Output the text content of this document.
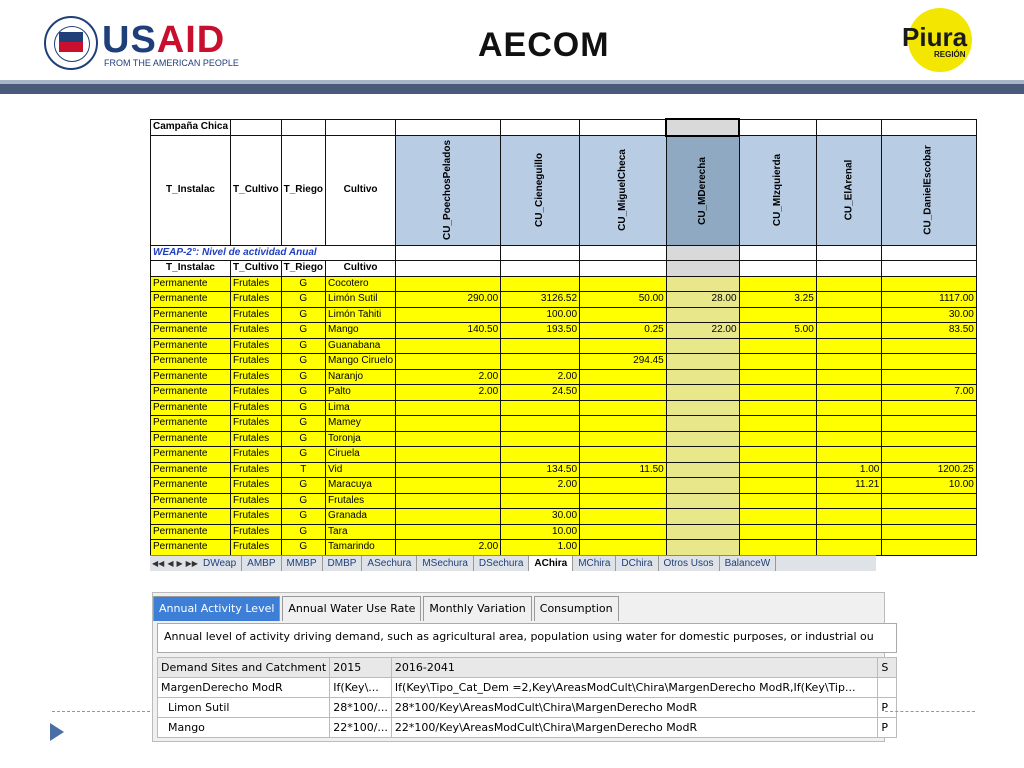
USAID
FROM THE AMERICAN PEOPLE	AECOM	Piura
REGIÓN
Campaña Chica										
T_Instalac	T_Cultivo	T_Riego	Cultivo	CU_PoechosPelados	CU_Cieneguillo	CU_MiguelCheca	CU_MDerecha	CU_MIzquierda	CU_ElArenal	CU_DanielEscobar
WEAP-2°: Nivel de actividad Anual										
T_Instalac	T_Cultivo	T_Riego	Cultivo							
Permanente	Frutales	G	Cocotero							
Permanente	Frutales	G	Limón Sutil	290.00	3126.52	50.00	28.00	3.25		1117.00
Permanente	Frutales	G	Limón Tahiti		100.00					30.00
Permanente	Frutales	G	Mango	140.50	193.50	0.25	22.00	5.00		83.50
Permanente	Frutales	G	Guanabana							
Permanente	Frutales	G	Mango Ciruelo			294.45				
Permanente	Frutales	G	Naranjo	2.00	2.00					
Permanente	Frutales	G	Palto	2.00	24.50					7.00
Permanente	Frutales	G	Lima							
Permanente	Frutales	G	Mamey							
Permanente	Frutales	G	Toronja							
Permanente	Frutales	G	Ciruela							
Permanente	Frutales	T	Vid		134.50	11.50			1.00	1200.25
Permanente	Frutales	G	Maracuya		2.00				11.21	10.00
Permanente	Frutales	G	Frutales							
Permanente	Frutales	G	Granada		30.00					
Permanente	Frutales	G	Tara		10.00					
Permanente	Frutales	G	Tamarindo	2.00	1.00					
◀◀ ◀ ▶ ▶▶ DWeap	AMBP	MMBP	DMBP	ASechura	MSechura	DSechura	AChira	MChira	DChira	Otros Usos	BalanceW
Annual Activity Level	Annual Water Use Rate	Monthly Variation	Consumption
Annual level of activity driving demand, such as agricultural area, population using water for domestic purposes, or industrial ou
Demand Sites and Catchment	2015	2016-2041	S
MargenDerecho ModR	If(Key\...	If(Key\Tipo_Cat_Dem =2,Key\AreasModCult\Chira\MargenDerecho ModR,If(Key\Tip...	
Limon Sutil	28*100/...	28*100/Key\AreasModCult\Chira\MargenDerecho ModR	P
Mango	22*100/...	22*100/Key\AreasModCult\Chira\MargenDerecho ModR	P
